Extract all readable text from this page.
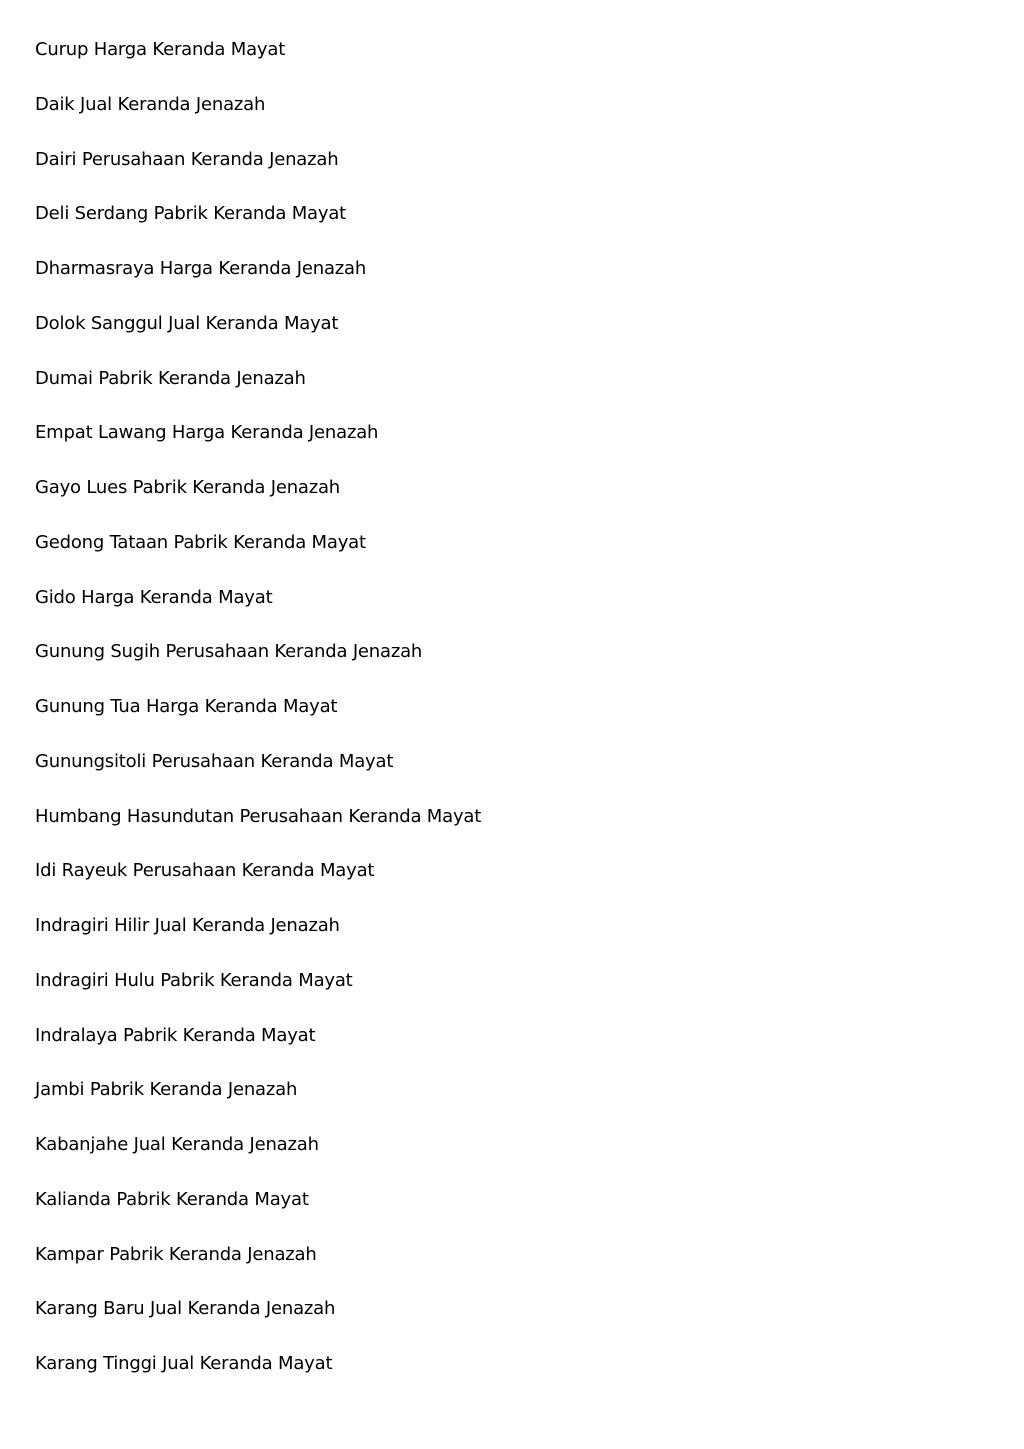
Curup Harga Keranda Mayat
Daik Jual Keranda Jenazah
Dairi Perusahaan Keranda Jenazah
Deli Serdang Pabrik Keranda Mayat
Dharmasraya Harga Keranda Jenazah
Dolok Sanggul Jual Keranda Mayat
Dumai Pabrik Keranda Jenazah
Empat Lawang Harga Keranda Jenazah
Gayo Lues Pabrik Keranda Jenazah
Gedong Tataan Pabrik Keranda Mayat
Gido Harga Keranda Mayat
Gunung Sugih Perusahaan Keranda Jenazah
Gunung Tua Harga Keranda Mayat
Gunungsitoli Perusahaan Keranda Mayat
Humbang Hasundutan Perusahaan Keranda Mayat
Idi Rayeuk Perusahaan Keranda Mayat
Indragiri Hilir Jual Keranda Jenazah
Indragiri Hulu Pabrik Keranda Mayat
Indralaya Pabrik Keranda Mayat
Jambi Pabrik Keranda Jenazah
Kabanjahe Jual Keranda Jenazah
Kalianda Pabrik Keranda Mayat
Kampar Pabrik Keranda Jenazah
Karang Baru Jual Keranda Jenazah
Karang Tinggi Jual Keranda Mayat
